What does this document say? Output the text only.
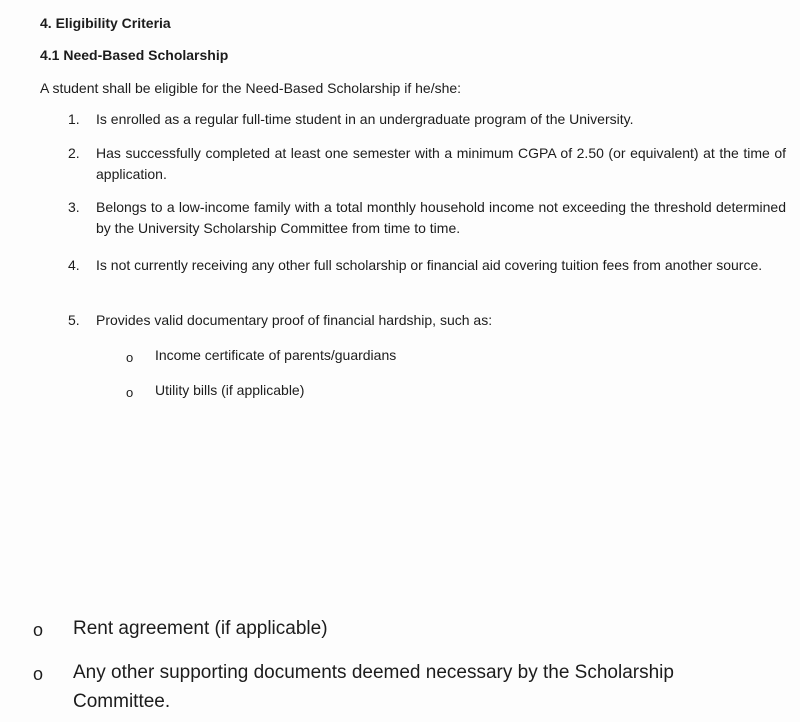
4. Eligibility Criteria
4.1 Need-Based Scholarship
A student shall be eligible for the Need-Based Scholarship if he/she:
1. Is enrolled as a regular full-time student in an undergraduate program of the University.
2. Has successfully completed at least one semester with a minimum CGPA of 2.50 (or equivalent) at the time of application.
3. Belongs to a low-income family with a total monthly household income not exceeding the threshold determined by the University Scholarship Committee from time to time.
4. Is not currently receiving any other full scholarship or financial aid covering tuition fees from another source.
5. Provides valid documentary proof of financial hardship, such as:
o Income certificate of parents/guardians
o Utility bills (if applicable)
o Rent agreement (if applicable)
o Any other supporting documents deemed necessary by the Scholarship Committee.
